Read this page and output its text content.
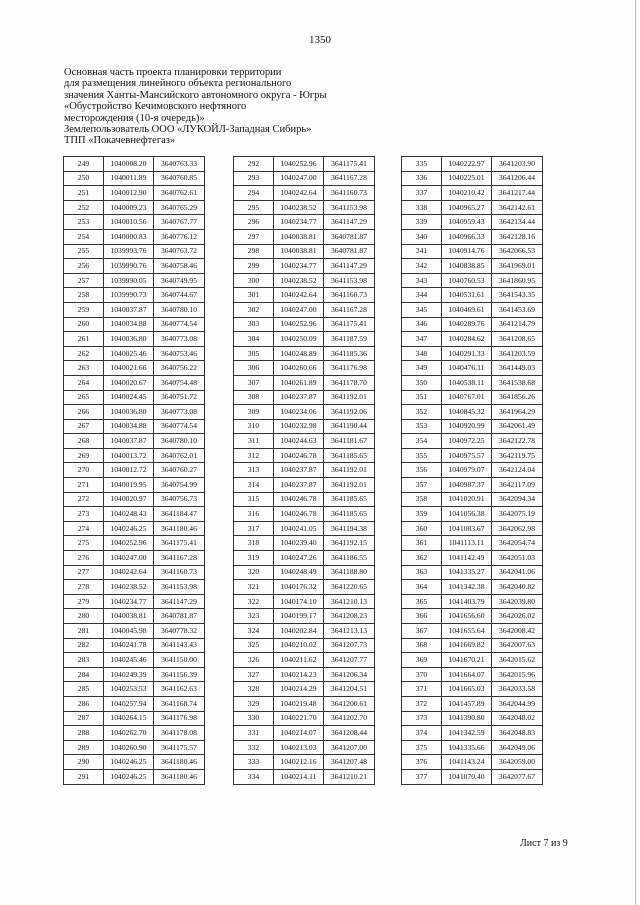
1350
Основная часть проекта планировки территории
для размещения линейного объекта регионального
значения Ханты-Мансийского автономного округа - Югры
«Обустройство Кечимовского нефтяного
месторождения (10-я очередь)»
Землепользователь ООО «ЛУКОЙЛ-Западная Сибирь»
ТПП «Покачевнефтегаз»
249	1040008.20	3640763.33
250	1040011.89	3640760.85
251	1040012.90	3640762.61
252	1040009.23	3640765.29
253	1040010.56	3640767.77
254	1040000.83	3640776.12
255	1039993.76	3640763.72
256	1039990.76	3640758.46
257	1039990.05	3640749.95
258	1039990.73	3640744.67
259	1040037.87	3640780.10
260	1040034.88	3640774.54
261	1040036.80	3640773.08
262	1040025.46	3640753.46
263	1040021.66	3640756.22
264	1040020.67	3640754.48
265	1040024.45	3640751.72
266	1040036.80	3640773.08
267	1040034.88	3640774.54
268	1040037.87	3640780.10
269	1040013.72	3640762.01
270	1040012.72	3640760.27
271	1040019.95	3640754.99
272	1040020.97	3640756.73
273	1040248.43	3641184.47
274	1040246.25	3641180.46
275	1040252.96	3641175.41
276	1040247.00	3641167.28
277	1040242.64	3641160.73
278	1040238.52	3641153.98
279	1040234.77	3641147.29
280	1040038.81	3640781.87
281	1040045.98	3640778.32
282	1040241.78	3641143.43
283	1040245.46	3641150.00
284	1040249.39	3641156.39
285	1040253.53	3641162.63
286	1040257.94	3641168.74
287	1040264.15	3641176.98
288	1040262.70	3641178.08
289	1040260.90	3641175.57
290	1040246.25	3641180.46
291	1040246.25	3641180.46
292	1040252.96	3641175.41
293	1040247.00	3641167.28
294	1040242.64	3641160.73
295	1040238.52	3641153.98
296	1040234.77	3641147.29
297	1040038.81	3640781.87
298	1040038.81	3640781.87
299	1040234.77	3641147.29
300	1040238.52	3641153.98
301	1040242.64	3641160.73
302	1040247.00	3641167.28
303	1040252.96	3641175.41
304	1040250.09	3641187.59
305	1040248.89	3641185.36
306	1040260.66	3641176.98
307	1040261.89	3641178.70
308	1040237.87	3641192.01
309	1040234.06	3641192.06
310	1040232.98	3641190.44
311	1040244.63	3641181.67
312	1040246.78	3641185.65
313	1040237.87	3641192.01
314	1040237.87	3641192.01
315	1040246.78	3641185.65
316	1040246.78	3641185.65
317	1040241.05	3641194.38
318	1040239.40	3641192.15
319	1040247.26	3641186.55
320	1040248.49	3641188.80
321	1040176.32	3641220.65
322	1040174.10	3641210.13
323	1040199.17	3641208.23
324	1040202.84	3641213.13
325	1040210.02	3641207.73
326	1040211.62	3641207.77
327	1040214.23	3641206.34
328	1040214.29	3641204.51
329	1040219.48	3641200.61
330	1040221.70	3641202.70
331	1040214.07	3641208.44
332	1040213.03	3641207.00
333	1040212.16	3641207.48
334	1040214.11	3641210.21
335	1040222.97	3641203.90
336	1040225.01	3641206.44
337	1040210.42	3641217.44
338	1040965.27	3642142.61
339	1040959.43	3642134.44
340	1040966.33	3642128.16
341	1040914.76	3642066.53
342	1040838.85	3641969.01
343	1040760.53	3641860.95
344	1040531.61	3641543.35
345	1040469.61	3641453.69
346	1040289.76	3641214.79
347	1040284.62	3641208.65
348	1040291.33	3641203.59
349	1040476.11	3641449.03
350	1040538.11	3641538.68
351	1040767.01	3641856.26
352	1040845.32	3641964.29
353	1040920.99	3642061.49
354	1040972.25	3642122.78
355	1040975.57	3642119.75
356	1040979.07	3642124.04
357	1040987.37	3642117.09
358	1041020.91	3642094.34
359	1041056.38	3642075.19
360	1041083.67	3642062.98
361	1041113.11	3642054.74
362	1041142.49	3642051.03
363	1041335.27	3642041.06
364	1041342.38	3642040.82
365	1041403.79	3642039.80
366	1041656.60	3642026.02
367	1041655.64	3642008.42
368	1041669.82	3642007.63
369	1041670.21	3642015.62
370	1041664.07	3642015.96
371	1041665.03	3642033.58
372	1041457.89	3642044.99
373	1041390.80	3642048.02
374	1041342.59	3642048.83
375	1041335.66	3642049.06
376	1041143.24	3642059.00
377	1041070.40	3642077.67
Лист 7 из 9
